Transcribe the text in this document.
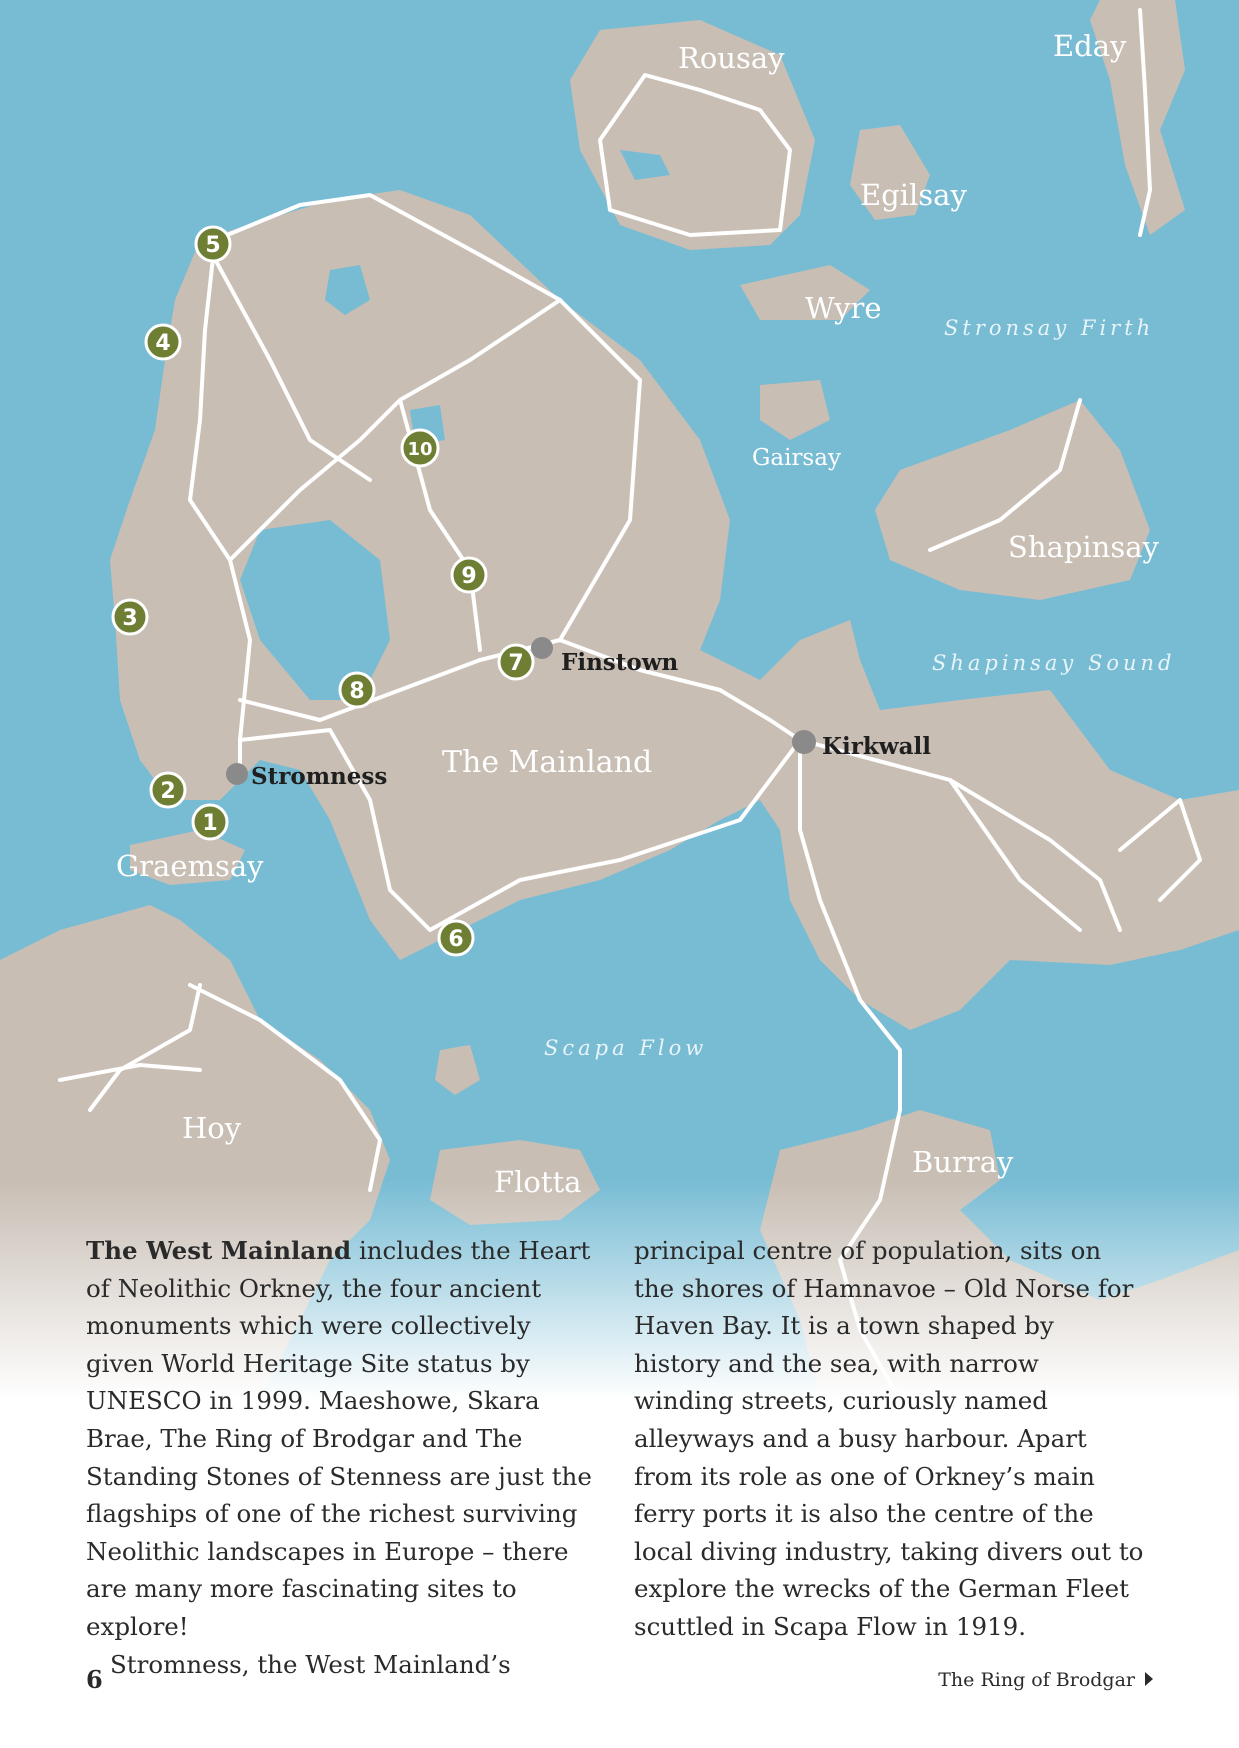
Rousay	Eday
Egilsay
Wyre
Gairsay
Shapinsay
The Mainland
Graemsay
Hoy
Flotta
Burray
Stronsay Firth
Shapinsay Sound
Scapa Flow
Finstown
Kirkwall
Stromness
1
2
3
4
5
6
7
8
9
10

The West Mainland includes the Heart of Neolithic Orkney, the four ancient monuments which were collectively given World Heritage Site status by UNESCO in 1999. Maeshowe, Skara Brae, The Ring of Brodgar and The Standing Stones of Stenness are just the flagships of one of the richest surviving Neolithic landscapes in Europe – there are many more fascinating sites to explore!

Stromness, the West Mainland’s

principal centre of population, sits on the shores of Hamnavoe – Old Norse for Haven Bay. It is a town shaped by history and the sea, with narrow winding streets, curiously named alleyways and a busy harbour. Apart from its role as one of Orkney’s main ferry ports it is also the centre of the local diving industry, taking divers out to explore the wrecks of the German Fleet scuttled in Scapa Flow in 1919.

6	The Ring of Brodgar
